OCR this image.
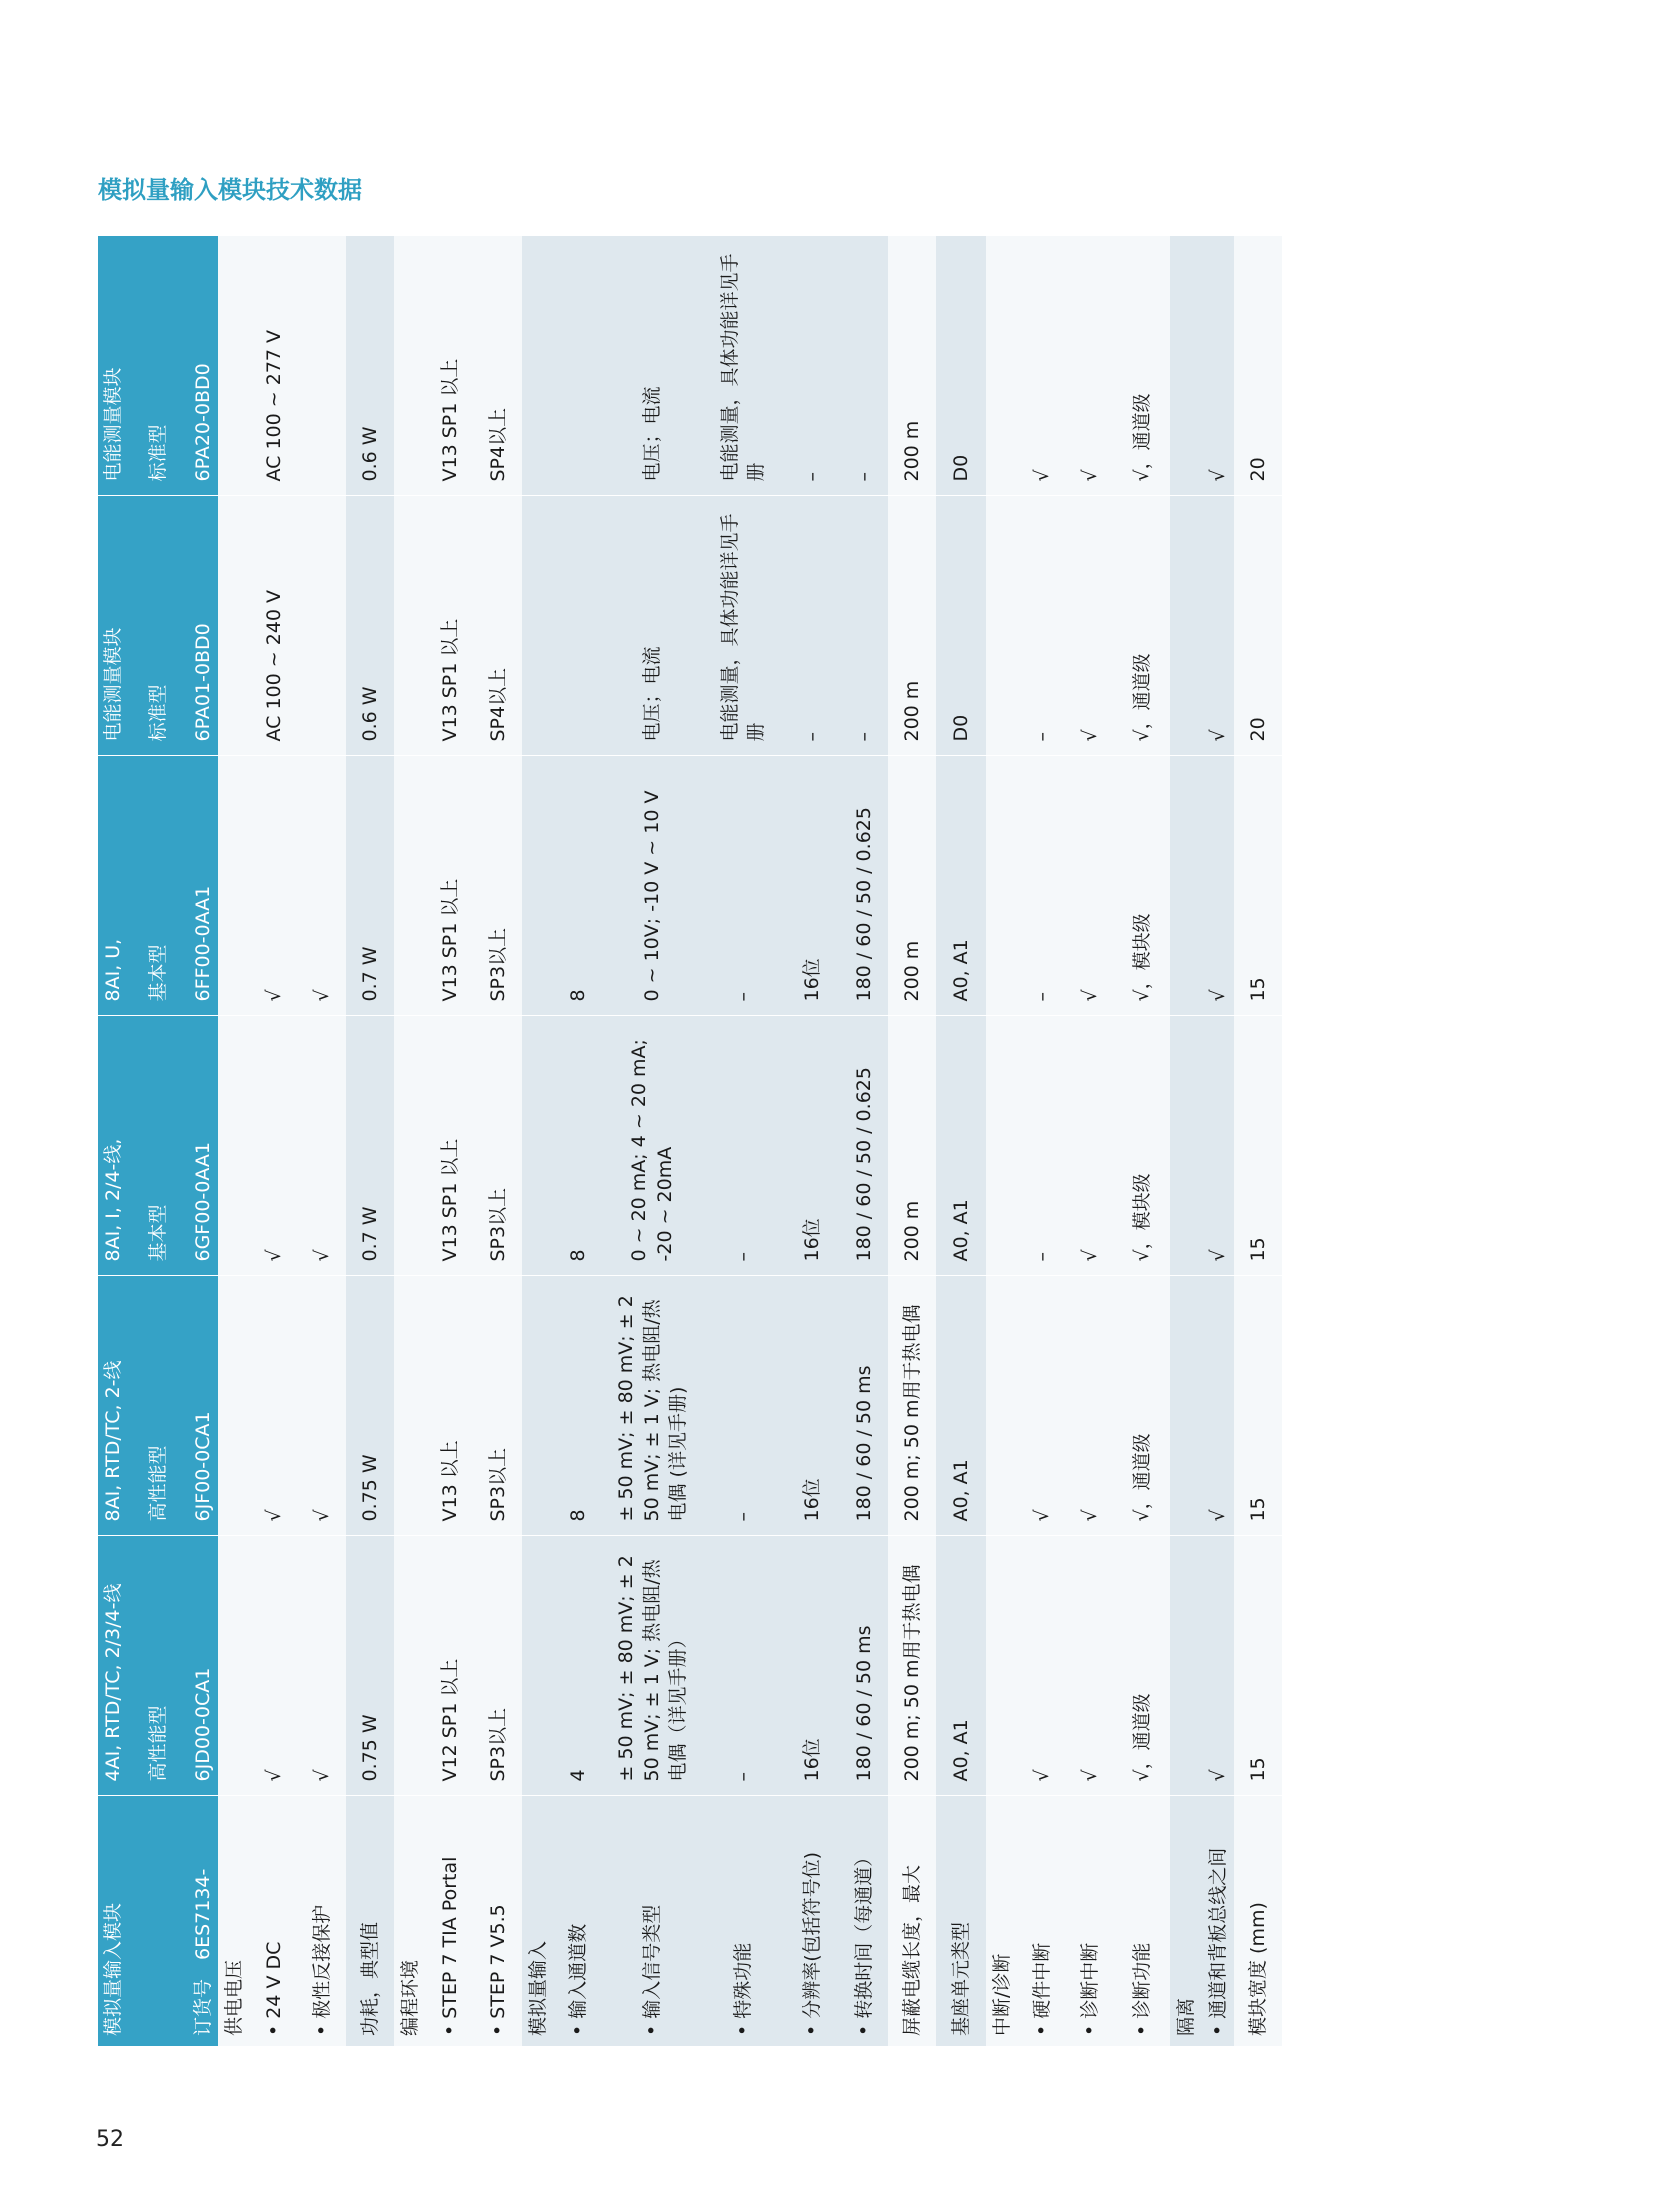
模拟量输入模块技术数据
模拟量输入模块	4AI, RTD/TC, 2/3/4-线	8AI, RTD/TC, 2-线	8AI, I, 2/4-线,	8AI, U,	电能测量模块	电能测量模块
	高性能型	高性能型	基本型	基本型	标准型	标准型
订货号　6ES7134-	6JD00-0CA1	6JF00-0CA1	6GF00-0AA1	6FF00-0AA1	6PA01-0BD0	6PA20-0BD0
供电电压						
• 24 V DC	√	√	√	√	AC 100 ~ 240 V	AC 100 ~ 277 V
• 极性反接保护	√	√	√	√		
功耗，典型值	0.75 W	0.75 W	0.7 W	0.7 W	0.6 W	0.6 W
编程环境						
• STEP 7 TIA Portal	V12 SP1 以上	V13 以上	V13 SP1 以上	V13 SP1 以上	V13 SP1 以上	V13 SP1 以上
• STEP 7 V5.5	SP3以上	SP3以上	SP3以上	SP3以上	SP4以上	SP4以上
模拟量输入						
• 输入通道数	4	8	8	8		
• 输入信号类型	± 50 mV; ± 80 mV; ± 250 mV; ± 1 V; 热电阻/热电偶（详见手册）	± 50 mV; ± 80 mV; ± 250 mV; ± 1 V; 热电阻/热电偶 (详见手册)	0 ~ 20 mA; 4 ~ 20 mA; -20 ~ 20mA	0 ~ 10V; -10 V ~ 10 V	电压；电流	电压；电流
• 特殊功能	–	–	–	–	电能测量，具体功能详见手册	电能测量，具体功能详见手册
• 分辨率(包括符号位)	16位	16位	16位	16位	–	–
• 转换时间（每通道）	180 / 60 / 50 ms	180 / 60 / 50 ms	180 / 60 / 50 / 0.625	180 / 60 / 50 / 0.625	–	–
屏蔽电缆长度，最大	200 m; 50 m用于热电偶	200 m; 50 m用于热电偶	200 m	200 m	200 m	200 m
基座单元类型	A0, A1	A0, A1	A0, A1	A0, A1	D0	D0
中断/诊断						
• 硬件中断	√	√	–	–	–	√
• 诊断中断	√	√	√	√	√	√
• 诊断功能	√，通道级	√，通道级	√，模块级	√，模块级	√，通道级	√，通道级
隔离						
• 通道和背板总线之间	√	√	√	√	√	√
模块宽度 (mm)	15	15	15	15	20	20
52
